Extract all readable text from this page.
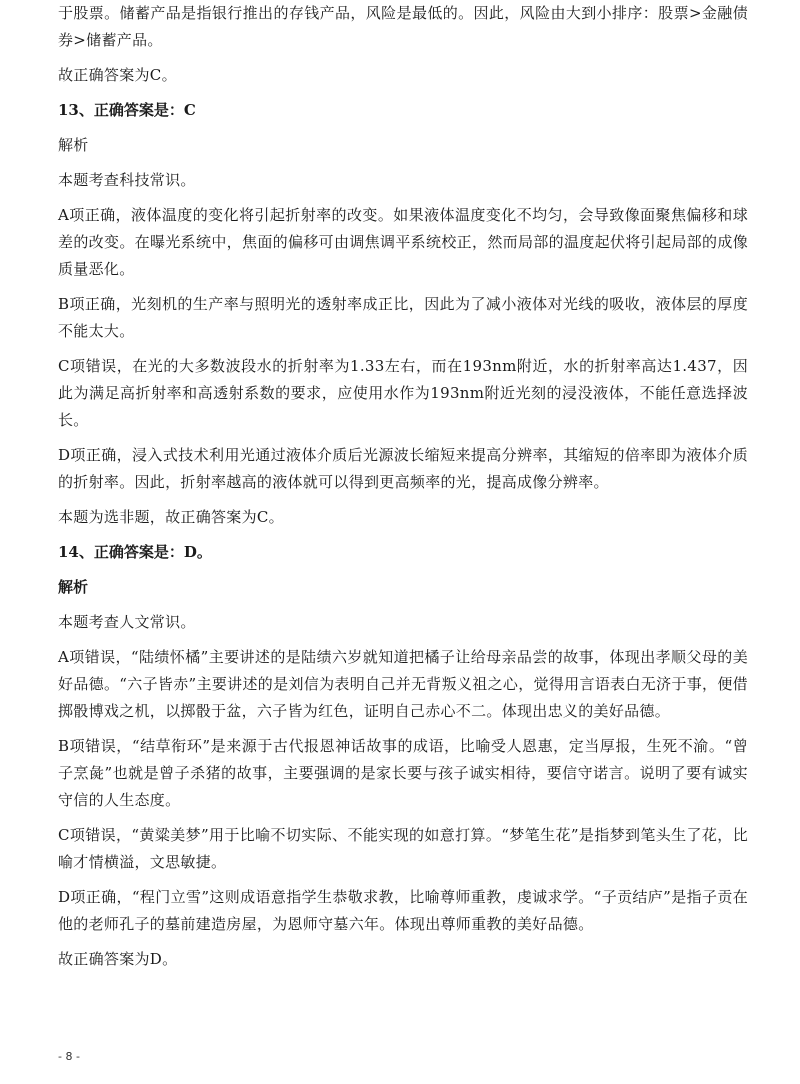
于股票。储蓄产品是指银行推出的存钱产品，风险是最低的。因此，风险由大到小排序：股票>金融债券>储蓄产品。

故正确答案为C。

13、正确答案是：C

解析

本题考查科技常识。

A项正确，液体温度的变化将引起折射率的改变。如果液体温度变化不均匀，会导致像面聚焦偏移和球差的改变。在曝光系统中，焦面的偏移可由调焦调平系统校正，然而局部的温度起伏将引起局部的成像质量恶化。

B项正确，光刻机的生产率与照明光的透射率成正比，因此为了减小液体对光线的吸收，液体层的厚度不能太大。

C项错误，在光的大多数波段水的折射率为1.33左右，而在193nm附近，水的折射率高达1.437，因此为满足高折射率和高透射系数的要求，应使用水作为193nm附近光刻的浸没液体，不能任意选择波长。

D项正确，浸入式技术利用光通过液体介质后光源波长缩短来提高分辨率，其缩短的倍率即为液体介质的折射率。因此，折射率越高的液体就可以得到更高频率的光，提高成像分辨率。

本题为选非题，故正确答案为C。

14、正确答案是：D。

解析

本题考查人文常识。

A项错误，“陆绩怀橘”主要讲述的是陆绩六岁就知道把橘子让给母亲品尝的故事，体现出孝顺父母的美好品德。“六子皆赤”主要讲述的是刘信为表明自己并无背叛义祖之心，觉得用言语表白无济于事，便借掷骰博戏之机，以掷骰于盆，六子皆为红色，证明自己赤心不二。体现出忠义的美好品德。

B项错误，“结草衔环”是来源于古代报恩神话故事的成语，比喻受人恩惠，定当厚报，生死不渝。“曾子烹彘”也就是曾子杀猪的故事，主要强调的是家长要与孩子诚实相待，要信守诺言。说明了要有诚实守信的人生态度。

C项错误，“黄粱美梦”用于比喻不切实际、不能实现的如意打算。“梦笔生花”是指梦到笔头生了花，比喻才情横溢，文思敏捷。

D项正确，“程门立雪”这则成语意指学生恭敬求教，比喻尊师重教，虔诚求学。“子贡结庐”是指子贡在他的老师孔子的墓前建造房屋，为恩师守墓六年。体现出尊师重教的美好品德。

故正确答案为D。

- 8 -
